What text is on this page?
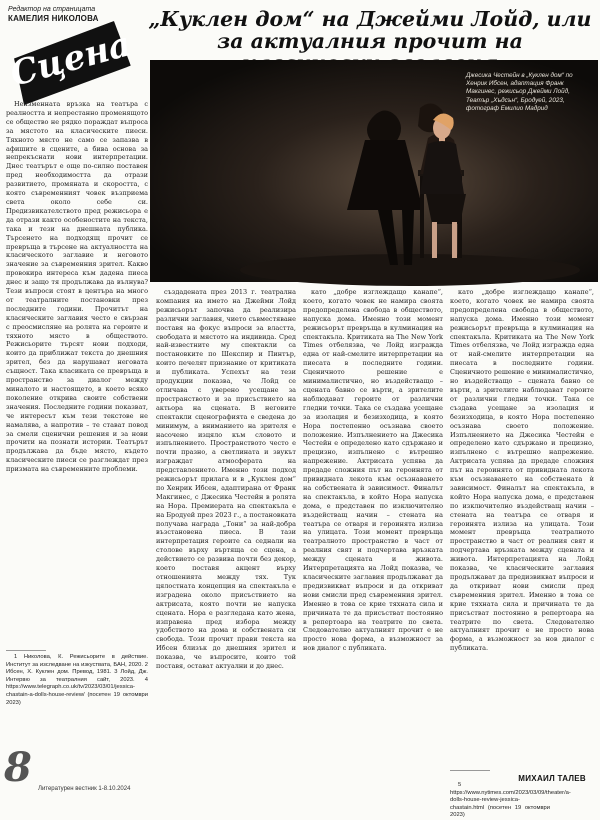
Редактор на страницата
КАМЕЛИЯ НИКОЛОВА
Сцена
„Куклен дом“ на Джейми Лойд, или за актуалния прочит на
Джесика Честейн в „Куклен дом“ по Хенрик Ибсен, адаптация Франк Макгинес, режисьор Джейми Лойд, Театър „Хъдсън“, Бродуей, 2023, фотограф Емилио Мадрид

Неизменната връзка на театъра с реалността и непрестанно променящото се общество не рядко пораждат въпроса за мястото на класическите пиеси. Тяхното място не само се запазва в афишите в сцените, а бива основа за непрекъснати нови интерпретации. Днес театърът е още по-силно поставен пред необходимостта да отрази развитието, промяната и скоростта, с която съвременният човек възприема света около себе си. Предизвикателството пред режисьора е да отрази както особеностите на текста, така и тези на днешната публика. Търсенето на подходящ прочит се превръща в търсене на актуалността на класическото заглавие и неговото значение за съвременния зрител. Какво провокира интереса към дадена пиеса днес и защо тя продължава да вълнува? Тези въпроси стоят в центъра на много от театралните постановки през последните години. Прочитът на класическите заглавия често е свързан с преосмисляне на ролята на героите и тяхното място в обществото. Режисьорите търсят нови подходи, които да приближат текста до днешния зрител, без да нарушават неговата същност. Така класиката се превръща в пространство за диалог между миналото и настоящето, в което всяко поколение открива своите собствени значения. Последните години показват, че интересът към тези текстове не намалява, а напротив – те стават повод за смели сценични решения и за нови прочити на познати истории. Театърът продължава да бъде място, където класическите пиеси се разглеждат през призмата на съвременните проблеми.

1 Николова, К. Режисьорите в действие. Институт за изследване на изкуствата, БАН, 2020. 2 Ибсен, Х. Куклен дом. Превод, 1981. 3 Лойд, Дж. Интервю за театралния сайт, 2023. 4 https://www.telegraph.co.uk/tv/2023/03/01/jessica-chastain-a-dolls-house-review/ (посетен 19 октомври 2023)

създадената през 2013 г. театрална компания на името на Джейми Лойд режисьорът започва да реализира различни заглавия, чието съвместяване поставя на фокус въпроси за властта, свободата и мястото на индивида. Сред най-известните му спектакли са постановките по Шекспир и Пинтър, които печелят признание от критиката и публиката. Успехът на тези продукции показва, че Лойд се отличава с уверено усещане за пространството и за присъствието на актьора на сцената. В неговите спектакли сценографията е сведена до минимум, а вниманието на зрителя е насочено изцяло към словото и изпълнението. Пространството често е почти празно, а светлината и звукът изграждат атмосферата на представлението. Именно този подход режисьорът прилага и в „Куклен дом“ по Хенрик Ибсен, адаптирана от Франк Макгинес, с Джесика Честейн в ролята на Нора. Премиерата на спектакъла е на Бродуей през 2023 г., а постановката получава награда „Тони“ за най-добра възстановена пиеса. В тази интерпретация героите са седнали на столове върху въртяща се сцена, а действието се развива почти без декор, което поставя акцент върху отношенията между тях. Тук цялостната концепция на спектакъла е изградена около присъствието на актрисата, която почти не напуска сцената. Нора е разгледана като жена, изправена пред избора между удобството на дома и собствената си свобода. Този прочит прави текста на Ибсен близък до днешния зрител и показва, че въпросите, които той поставя, остават актуални и до днес.

като „добре изглеждащо канапе“, което, когато човек не намира своята предопределена свобода в обществото, напуска дома. Именно този момент режисьорът превръща в кулминация на спектакъла. Критиката на The New York Times отбелязва, че Лойд изгражда една от най-смелите интерпретации на пиесата в последните години. Сценичното решение е минималистично, но въздействащо – сцената бавно се върти, а зрителите наблюдават героите от различни гледни точки. Така се създава усещане за изолация и безизходица, в която Нора постепенно осъзнава своето положение. Изпълнението на Джесика Честейн е определено като сдържано и прецизно, изпълнено с вътрешно напрежение. Актрисата успява да предаде сложния път на героинята от привидната лекота към осъзнаването на собствената ѝ зависимост. Финалът на спектакъла, в който Нора напуска дома, е представен по изключително въздействащ начин – стената на театъра се отваря и героинята излиза на улицата. Този момент превръща театралното пространство в част от реалния свят и подчертава връзката между сцената и живота. Интерпретацията на Лойд показва, че класическите заглавия продължават да предизвикват въпроси и да откриват нови смисли пред съвременния зрител. Именно в това се крие тяхната сила и причината те да присъстват постоянно в репертоара на театрите по света. Следователно актуалният прочит е не просто нова форма, а възможност за нов диалог с публиката.

като „добре изглеждащо канапе“, което, когато човек не намира своята предопределена свобода в обществото, напуска дома. Именно този момент режисьорът превръща в кулминация на спектакъла. Критиката на The New York Times отбелязва, че Лойд изгражда една от най-смелите интерпретации на пиесата в последните години. Сценичното решение е минималистично, но въздействащо – сцената бавно се върти, а зрителите наблюдават героите от различни гледни точки. Така се създава усещане за изолация и безизходица, в която Нора постепенно осъзнава своето положение. Изпълнението на Джесика Честейн е определено като сдържано и прецизно, изпълнено с вътрешно напрежение. Актрисата успява да предаде сложния път на героинята от привидната лекота към осъзнаването на собствената ѝ зависимост. Финалът на спектакъла, в който Нора напуска дома, е представен по изключително въздействащ начин – стената на театъра се отваря и героинята излиза на улицата. Този момент превръща театралното пространство в част от реалния свят и подчертава връзката между сцената и живота. Интерпретацията на Лойд показва, че класическите заглавия продължават да предизвикват въпроси и да откриват нови смисли пред съвременния зрител. Именно в това се крие тяхната сила и причината те да присъстват постоянно в репертоара на театрите по света. Следователно актуалният прочит е не просто нова форма, а възможност за нов диалог с публиката.

5 https://www.nytimes.com/2023/03/09/theater/a-dolls-house-review-jessica-chastain.html (посетен 19 октомври 2023)

МИХАИЛ ТАЛЕВ
8 Литературен вестник 1-8.10.2024
